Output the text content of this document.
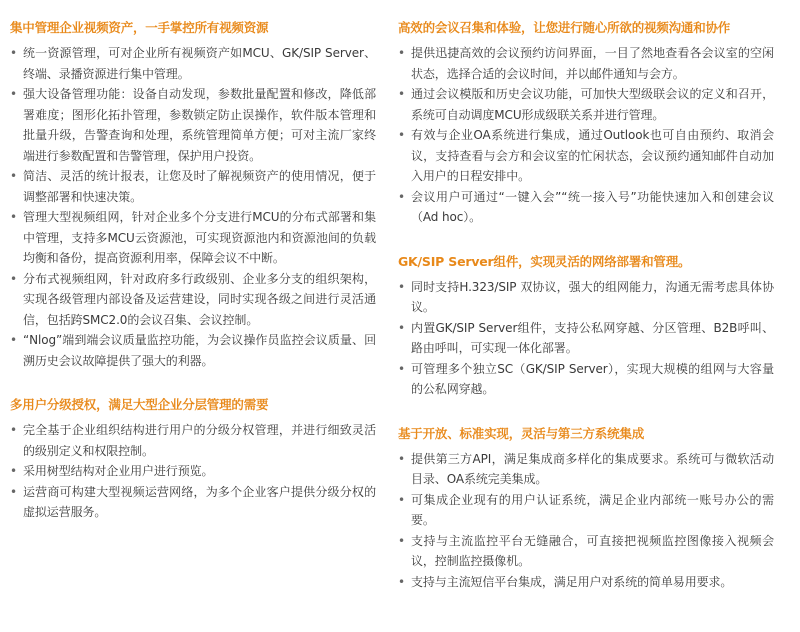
集中管理企业视频资产，一手掌控所有视频资源
• 统一资源管理，可对企业所有视频资产如MCU、GK/SIP Server、终端、录播资源进行集中管理。
• 强大设备管理功能：设备自动发现，参数批量配置和修改，降低部署难度；图形化拓扑管理，参数锁定防止误操作，软件版本管理和批量升级，告警查询和处理，系统管理简单方便；可对主流厂家终端进行参数配置和告警管理，保护用户投资。
• 简洁、灵活的统计报表，让您及时了解视频资产的使用情况，便于调整部署和快速决策。
• 管理大型视频组网，针对企业多个分支进行MCU的分布式部署和集中管理，支持多MCU云资源池，可实现资源池内和资源池间的负载均衡和备份，提高资源利用率，保障会议不中断。
• 分布式视频组网，针对政府多行政级别、企业多分支的组织架构，实现各级管理内部设备及运营建设，同时实现各级之间进行灵活通信，包括跨SMC2.0的会议召集、会议控制。
• “Nlog”端到端会议质量监控功能，为会议操作员监控会议质量、回溯历史会议故障提供了强大的利器。
多用户分级授权，满足大型企业分层管理的需要
• 完全基于企业组织结构进行用户的分级分权管理，并进行细致灵活的级别定义和权限控制。
• 采用树型结构对企业用户进行预览。
• 运营商可构建大型视频运营网络，为多个企业客户提供分级分权的虚拟运营服务。
高效的会议召集和体验，让您进行随心所欲的视频沟通和协作
• 提供迅捷高效的会议预约访问界面，一目了然地查看各会议室的空闲状态，选择合适的会议时间，并以邮件通知与会方。
• 通过会议模版和历史会议功能，可加快大型级联会议的定义和召开，系统可自动调度MCU形成级联关系并进行管理。
• 有效与企业OA系统进行集成，通过Outlook也可自由预约、取消会议，支持查看与会方和会议室的忙闲状态，会议预约通知邮件自动加入用户的日程安排中。
• 会议用户可通过“一键入会”“统一接入号”功能快速加入和创建会议（Ad hoc）。
GK/SIP Server组件，实现灵活的网络部署和管理。
• 同时支持H.323/SIP 双协议，强大的组网能力，沟通无需考虑具体协议。
• 内置GK/SIP Server组件，支持公私网穿越、分区管理、B2B呼叫、路由呼叫，可实现一体化部署。
• 可管理多个独立SC（GK/SIP Server），实现大规模的组网与大容量的公私网穿越。
基于开放、标准实现，灵活与第三方系统集成
• 提供第三方API，满足集成商多样化的集成要求。系统可与微软活动目录、OA系统完美集成。
• 可集成企业现有的用户认证系统，满足企业内部统一账号办公的需要。
• 支持与主流监控平台无缝融合，可直接把视频监控图像接入视频会议，控制监控摄像机。
• 支持与主流短信平台集成，满足用户对系统的简单易用要求。
